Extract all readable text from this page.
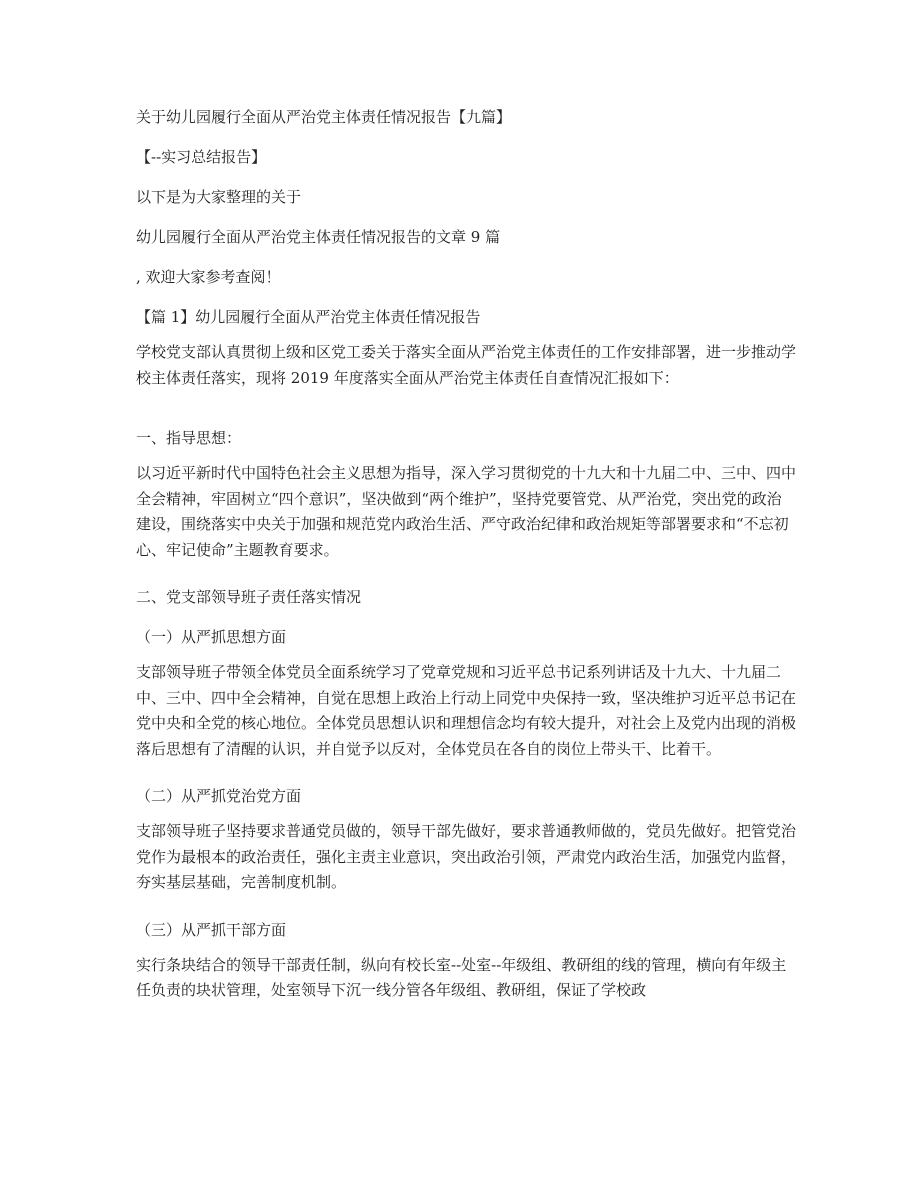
关于幼儿园履行全面从严治党主体责任情况报告【九篇】
【--实习总结报告】
以下是为大家整理的关于
幼儿园履行全面从严治党主体责任情况报告的文章 9 篇
, 欢迎大家参考查阅！
【篇 1】幼儿园履行全面从严治党主体责任情况报告

学校党支部认真贯彻上级和区党工委关于落实全面从严治党主体责任的工作安排部署，进一步推动学校主体责任落实，现将 2019 年度落实全面从严治党主体责任自查情况汇报如下：

一、指导思想：

以习近平新时代中国特色社会主义思想为指导，深入学习贯彻党的十九大和十九届二中、三中、四中全会精神，牢固树立“四个意识”，坚决做到“两个维护”，坚持党要管党、从严治党，突出党的政治建设，围绕落实中央关于加强和规范党内政治生活、严守政治纪律和政治规矩等部署要求和“不忘初心、牢记使命”主题教育要求。

二、党支部领导班子责任落实情况
（一）从严抓思想方面

支部领导班子带领全体党员全面系统学习了党章党规和习近平总书记系列讲话及十九大、十九届二中、三中、四中全会精神，自觉在思想上政治上行动上同党中央保持一致，坚决维护习近平总书记在党中央和全党的核心地位。全体党员思想认识和理想信念均有较大提升，对社会上及党内出现的消极落后思想有了清醒的认识，并自觉予以反对，全体党员在各自的岗位上带头干、比着干。

（二）从严抓党治党方面

支部领导班子坚持要求普通党员做的，领导干部先做好，要求普通教师做的，党员先做好。把管党治党作为最根本的政治责任，强化主责主业意识，突出政治引领，严肃党内政治生活，加强党内监督，夯实基层基础，完善制度机制。

（三）从严抓干部方面

实行条块结合的领导干部责任制，纵向有校长室--处室--年级组、教研组的线的管理，横向有年级主任负责的块状管理，处室领导下沉一线分管各年级组、教研组，保证了学校政
